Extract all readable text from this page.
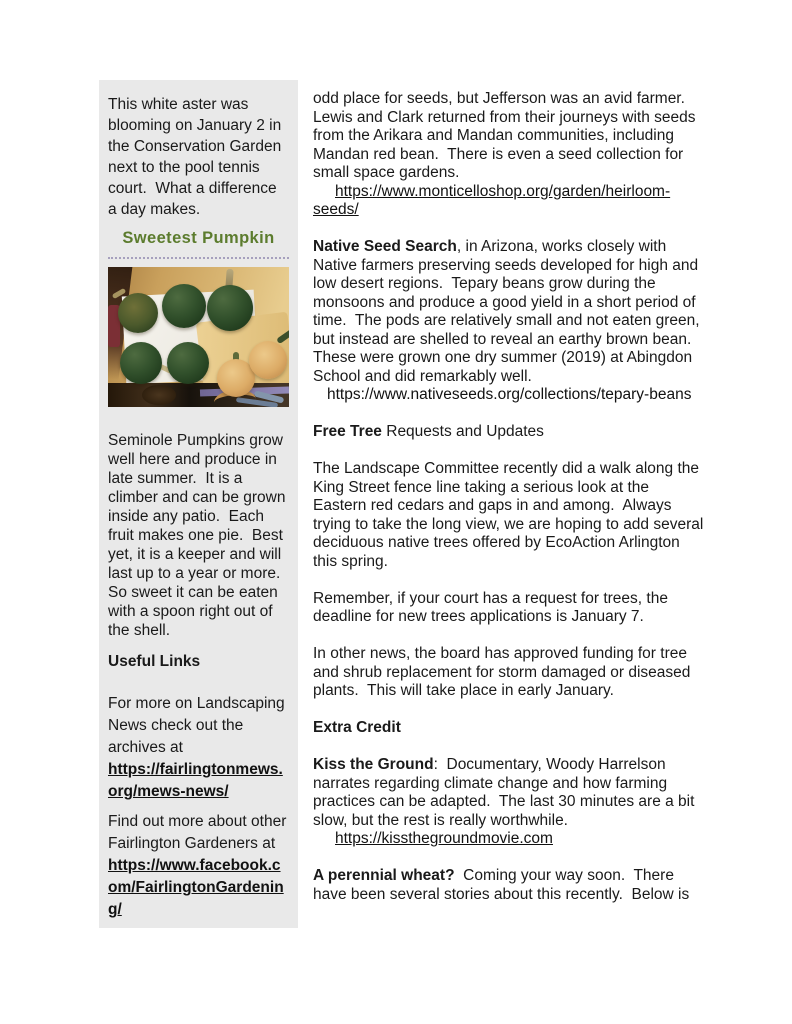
This white aster was blooming on January 2 in the Conservation Garden next to the pool tennis court.  What a difference a day makes.

Sweetest Pumpkin

Seminole Pumpkins grow well here and produce in late summer.  It is a climber and can be grown inside any patio.  Each fruit makes one pie.  Best yet, it is a keeper and will last up to a year or more. So sweet it can be eaten with a spoon right out of the shell.

Useful Links

For more on Landscaping News check out the archives at https://fairlingtonmews.org/mews-news/

Find out more about other Fairlington Gardeners at https://www.facebook.com/FairlingtonGardening/

odd place for seeds, but Jefferson was an avid farmer.  Lewis and Clark returned from their journeys with seeds from the Arikara and Mandan communities, including Mandan red bean.  There is even a seed collection for small space gardens.
https://www.monticelloshop.org/garden/heirloom-seeds/

Native Seed Search, in Arizona, works closely with Native farmers preserving seeds developed for high and low desert regions.  Tepary beans grow during the monsoons and produce a good yield in a short period of time.  The pods are relatively small and not eaten green, but instead are shelled to reveal an earthy brown bean. These were grown one dry summer (2019) at Abingdon School and did remarkably well.
https://www.nativeseeds.org/collections/tepary-beans

Free Tree Requests and Updates

The Landscape Committee recently did a walk along the King Street fence line taking a serious look at the Eastern red cedars and gaps in and among.  Always trying to take the long view, we are hoping to add several deciduous native trees offered by EcoAction Arlington this spring.

Remember, if your court has a request for trees, the deadline for new trees applications is January 7.

In other news, the board has approved funding for tree and shrub replacement for storm damaged or diseased plants.  This will take place in early January.

Extra Credit

Kiss the Ground:  Documentary, Woody Harrelson narrates regarding climate change and how farming practices can be adapted.  The last 30 minutes are a bit slow, but the rest is really worthwhile.
https://kissthegroundmovie.com

A perennial wheat?  Coming your way soon.  There have been several stories about this recently.  Below is
